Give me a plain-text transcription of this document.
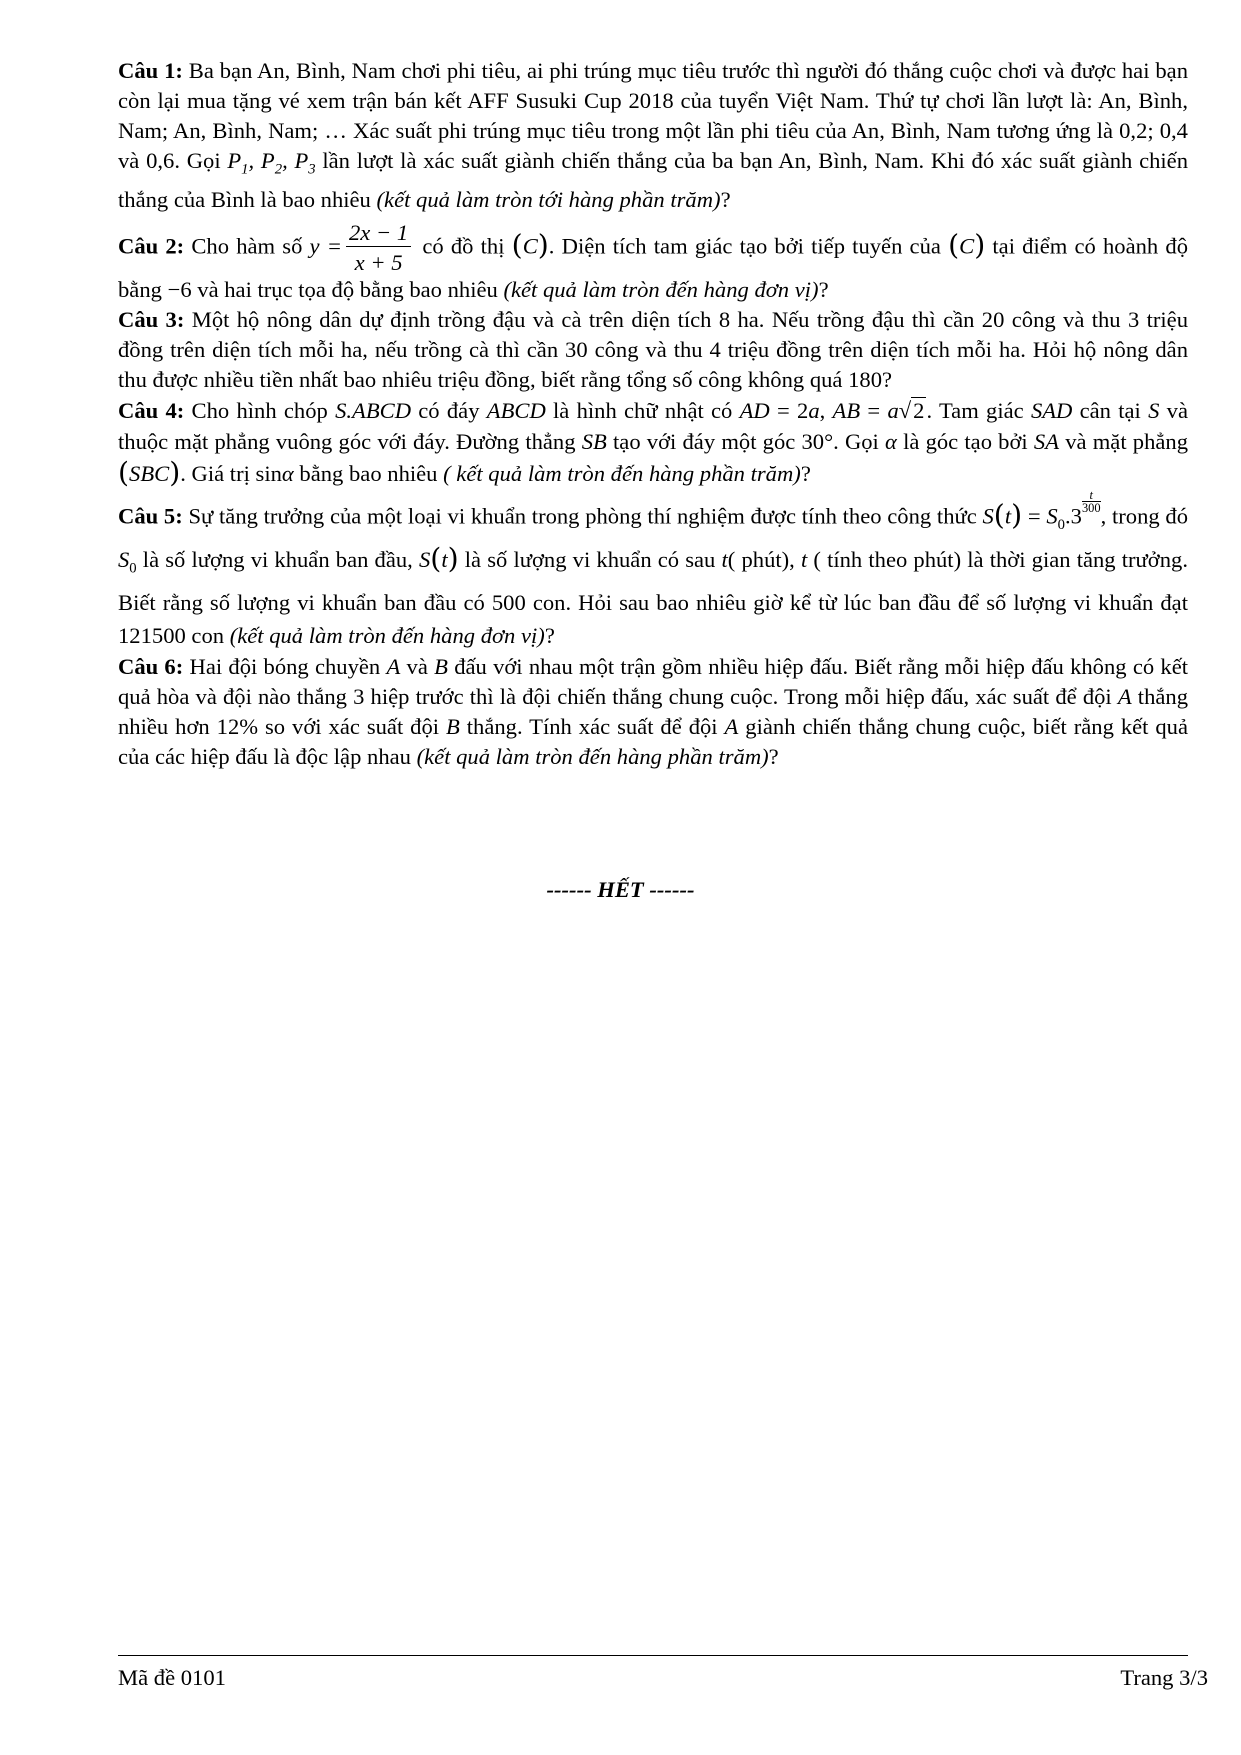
Câu 1: Ba bạn An, Bình, Nam chơi phi tiêu, ai phi trúng mục tiêu trước thì người đó thắng cuộc chơi và được hai bạn còn lại mua tặng vé xem trận bán kết AFF Susuki Cup 2018 của tuyển Việt Nam. Thứ tự chơi lần lượt là: An, Bình, Nam; An, Bình, Nam; … Xác suất phi trúng mục tiêu trong một lần phi tiêu của An, Bình, Nam tương ứng là 0,2; 0,4 và 0,6. Gọi $P_1$, $P_2$, $P_3$ lần lượt là xác suất giành chiến thắng của ba bạn An, Bình, Nam. Khi đó xác suất giành chiến thắng của Bình là bao nhiêu (kết quả làm tròn tới hàng phần trăm)?

Câu 2: Cho hàm số $y = \frac{2x - 1}{x + 5}$ có đồ thị (C). Diện tích tam giác tạo bởi tiếp tuyến của (C) tại điểm có hoành độ bằng −6 và hai trục tọa độ bằng bao nhiêu (kết quả làm tròn đến hàng đơn vị)?

Câu 3: Một hộ nông dân dự định trồng đậu và cà trên diện tích 8 ha. Nếu trồng đậu thì cần 20 công và thu 3 triệu đồng trên diện tích mỗi ha, nếu trồng cà thì cần 30 công và thu 4 triệu đồng trên diện tích mỗi ha. Hỏi hộ nông dân thu được nhiều tiền nhất bao nhiêu triệu đồng, biết rằng tổng số công không quá 180?

Câu 4: Cho hình chóp S.ABCD có đáy ABCD là hình chữ nhật có AD = 2a, AB = a√2. Tam giác SAD cân tại S và thuộc mặt phẳng vuông góc với đáy. Đường thẳng SB tạo với đáy một góc 30°. Gọi α là góc tạo bởi SA và mặt phẳng (SBC). Giá trị sinα bằng bao nhiêu ( kết quả làm tròn đến hàng phần trăm)?

Câu 5: Sự tăng trưởng của một loại vi khuẩn trong phòng thí nghiệm được tính theo công thức $S(t) = S_0.3$
$\frac{t}{300}$
, trong đó $S_0$ là số lượng vi khuẩn ban đầu, S(t) là số lượng vi khuẩn có sau t( phút), t ( tính theo phút) là thời gian tăng trưởng. Biết rằng số lượng vi khuẩn ban đầu có 500 con. Hỏi sau bao nhiêu giờ kể từ lúc ban đầu để số lượng vi khuẩn đạt 121500 con (kết quả làm tròn đến hàng đơn vị)?

Câu 6: Hai đội bóng chuyền A và B đấu với nhau một trận gồm nhiều hiệp đấu. Biết rằng mỗi hiệp đấu không có kết quả hòa và đội nào thắng 3 hiệp trước thì là đội chiến thắng chung cuộc. Trong mỗi hiệp đấu, xác suất để đội A thắng nhiều hơn 12% so với xác suất đội B thắng. Tính xác suất để đội A giành chiến thắng chung cuộc, biết rằng kết quả của các hiệp đấu là độc lập nhau (kết quả làm tròn đến hàng phần trăm)?

------ HẾT ------
Mã đề 0101	Trang 3/3
